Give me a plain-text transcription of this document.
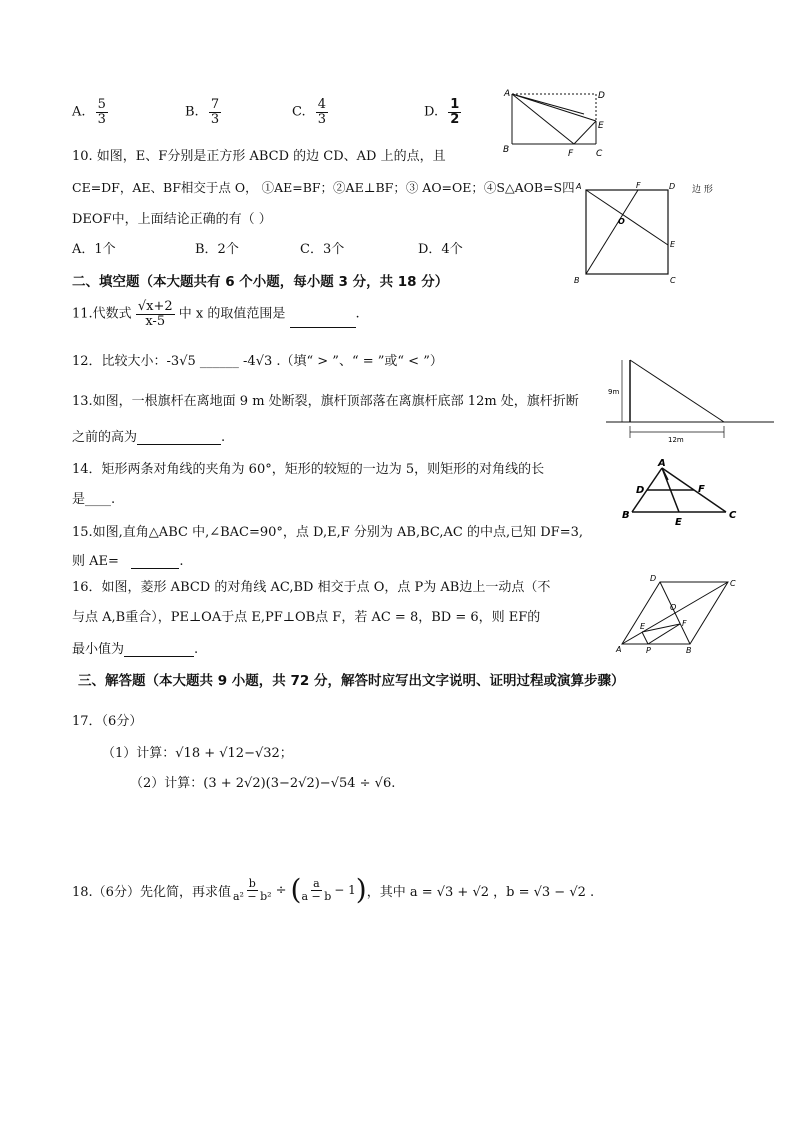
A. $\frac{5}{3}$	B. $\frac{7}{3}$	C. $\frac{4}{3}$	D. $\frac{1}{2}$
A	D
E
B	F	C
10. 如图，E、F分别是正方形 ABCD 的边 CD、AD 上的点，且
CE=DF，AE、BF相交于点 O， ①AE=BF；②AE⊥BF；③ AO=OE；④S△AOB=S四	边 形
DEOF中，上面结论正确的有（ ）
A．1个	B．2个	C．3个	D．4个
A	F	D
O
E
B	C
二、填空题（本大题共有 6 个小题，每小题 3 分，共 18 分）
11.代数式 $\frac{√x+2}{x-5}$ 中 x 的取值范围是	.
12．比较大小：-3√5 ______ -4√3 .（填“ > ”、“ = ”或“ < ”）
13.如图，一根旗杆在离地面 9 m 处断裂，旗杆顶部落在离旗杆底部 12m 处，旗杆折断
之前的高为	.
9m
12m
14．矩形两条对角线的夹角为 60°，矩形的较短的一边为 5，则矩形的对角线的长
是____.
A
D	F
B
E
C
15.如图,直角△ABC 中,∠BAC=90°，点 D,E,F 分别为 AB,BC,AC 的中点,已知 DF=3,
则 AE=	.
16．如图，菱形 ABCD 的对角线 AC,BD 相交于点 O，点 P为 AB边上一动点（不
与点 A,B重合），PE⊥OA于点 E,PF⊥OB点 F，若 AC = 8，BD = 6，则 EF的
最小值为	.
D
C
O
E	F
A	P	B
三、解答题（本大题共 9 小题，共 72 分，解答时应写出文字说明、证明过程或演算步骤）
17．（6分）
（1）计算：√18 + √12−√32；
（2）计算：(3 + 2√2)(3−2√2)−√54 ÷ √6.
18.（6分）先化简，再求值 $\frac{b}{\text{a² − b²}}$ ÷ ( $\frac{a}{a - b} - 1$ ) ，其中 a = √3 + √2 ，b = √3 − √2 .
